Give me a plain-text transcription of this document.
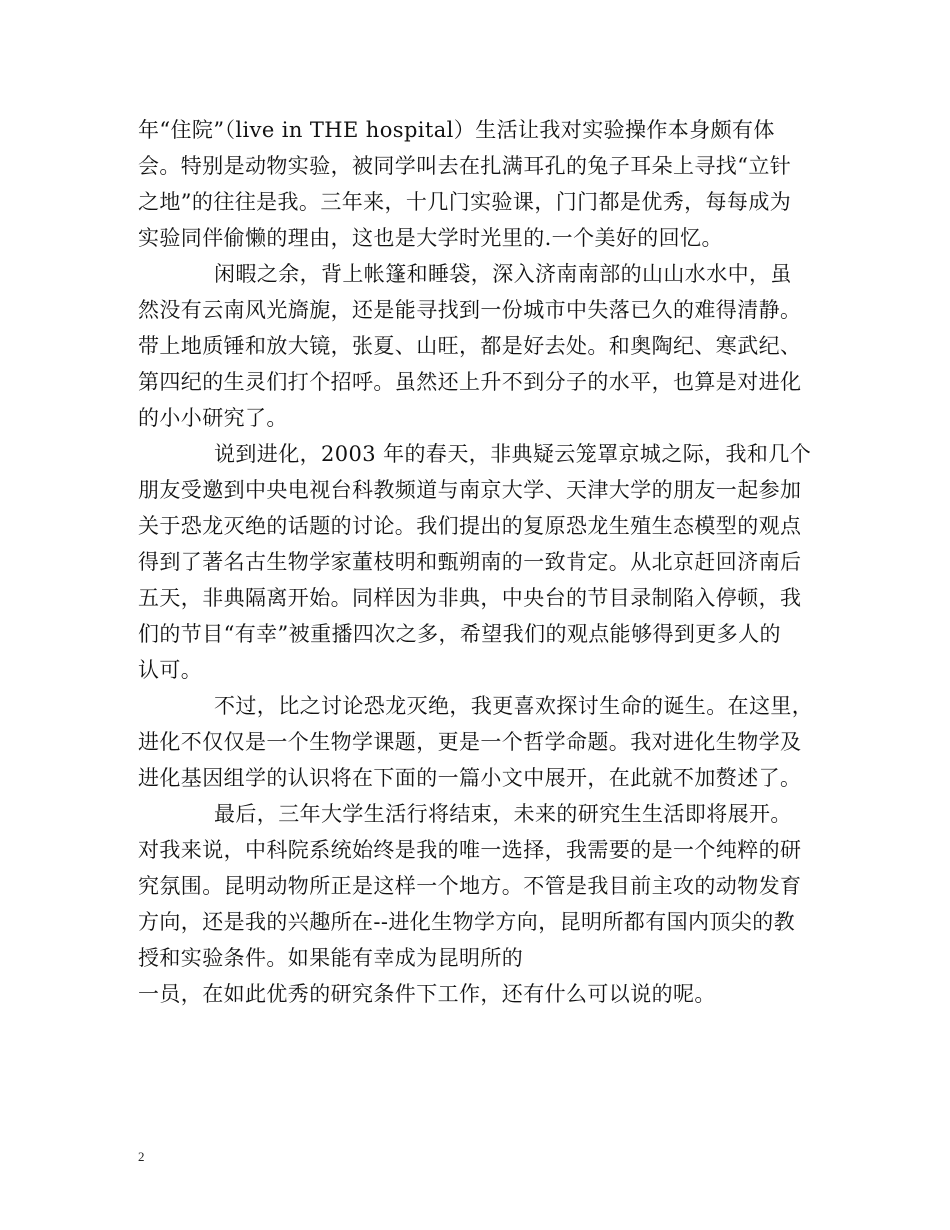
年“住院”（live in THE hospital）生活让我对实验操作本身颇有体
会。特别是动物实验，被同学叫去在扎满耳孔的兔子耳朵上寻找“立针
之地”的往往是我。三年来，十几门实验课，门门都是优秀，每每成为
实验同伴偷懒的理由，这也是大学时光里的.一个美好的回忆。
闲暇之余，背上帐篷和睡袋，深入济南南部的山山水水中，虽
然没有云南风光旖旎，还是能寻找到一份城市中失落已久的难得清静。
带上地质锤和放大镜，张夏、山旺，都是好去处。和奥陶纪、寒武纪、
第四纪的生灵们打个招呼。虽然还上升不到分子的水平，也算是对进化
的小小研究了。
说到进化，2003 年的春天，非典疑云笼罩京城之际，我和几个
朋友受邀到中央电视台科教频道与南京大学、天津大学的朋友一起参加
关于恐龙灭绝的话题的讨论。我们提出的复原恐龙生殖生态模型的观点
得到了著名古生物学家董枝明和甄朔南的一致肯定。从北京赶回济南后
五天，非典隔离开始。同样因为非典，中央台的节目录制陷入停顿，我
们的节目“有幸”被重播四次之多，希望我们的观点能够得到更多人的
认可。
不过，比之讨论恐龙灭绝，我更喜欢探讨生命的诞生。在这里，
进化不仅仅是一个生物学课题，更是一个哲学命题。我对进化生物学及
进化基因组学的认识将在下面的一篇小文中展开，在此就不加赘述了。
最后，三年大学生活行将结束，未来的研究生生活即将展开。
对我来说，中科院系统始终是我的唯一选择，我需要的是一个纯粹的研
究氛围。昆明动物所正是这样一个地方。不管是我目前主攻的动物发育
方向，还是我的兴趣所在--进化生物学方向，昆明所都有国内顶尖的教
授和实验条件。如果能有幸成为昆明所的
一员，在如此优秀的研究条件下工作，还有什么可以说的呢。
2
